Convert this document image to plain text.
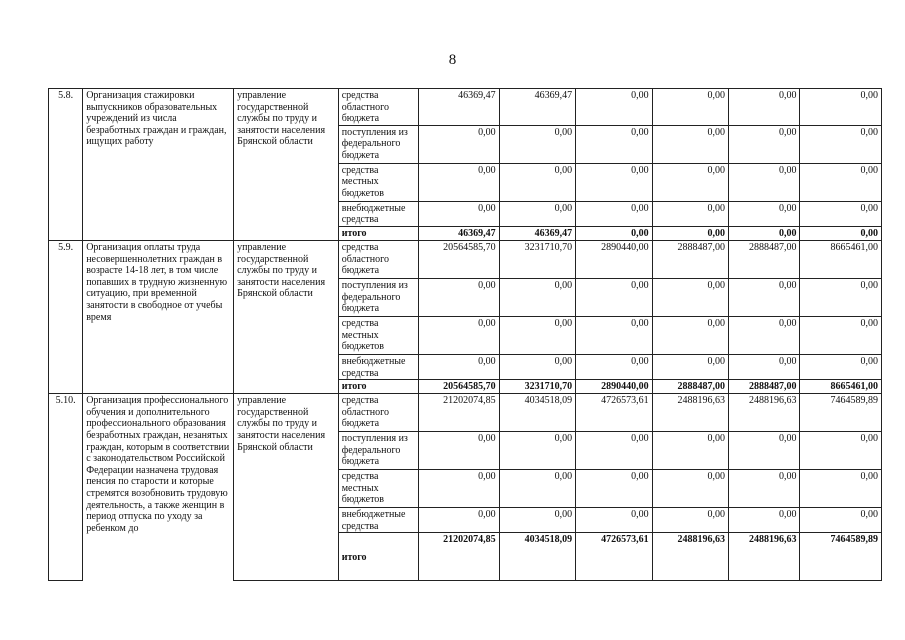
8
5.8.	Организация стажировки выпускников образовательных учреждений из числа безработных граждан и граждан, ищущих работу	управление государственной службы по труду и занятости населения Брянской области	средства областного бюджета	46369,47	46369,47	0,00	0,00	0,00	0,00
			поступления из федерального бюджета	0,00	0,00	0,00	0,00	0,00	0,00
			средства местных бюджетов	0,00	0,00	0,00	0,00	0,00	0,00
			внебюджетные средства	0,00	0,00	0,00	0,00	0,00	0,00
			итого	46369,47	46369,47	0,00	0,00	0,00	0,00
5.9.	Организация оплаты труда несовершеннолетних граждан в возрасте 14-18 лет, в том числе попавших в трудную жизненную ситуацию, при временной занятости в свободное от учебы время	управление государственной службы по труду и занятости населения Брянской области	средства областного бюджета	20564585,70	3231710,70	2890440,00	2888487,00	2888487,00	8665461,00
			поступления из федерального бюджета	0,00	0,00	0,00	0,00	0,00	0,00
			средства местных бюджетов	0,00	0,00	0,00	0,00	0,00	0,00
			внебюджетные средства	0,00	0,00	0,00	0,00	0,00	0,00
			итого	20564585,70	3231710,70	2890440,00	2888487,00	2888487,00	8665461,00
5.10.	Организация профессионального обучения и дополнительного профессионального образования безработных граждан, незанятых граждан, которым в соответствии с законодательством Российской Федерации назначена трудовая пенсия по старости и которые стремятся возобновить трудовую деятельность, а также женщин в период отпуска по уходу за ребенком до	управление государственной службы по труду и занятости населения Брянской области	средства областного бюджета	21202074,85	4034518,09	4726573,61	2488196,63	2488196,63	7464589,89
			поступления из федерального бюджета	0,00	0,00	0,00	0,00	0,00	0,00
			средства местных бюджетов	0,00	0,00	0,00	0,00	0,00	0,00
			внебюджетные средства	0,00	0,00	0,00	0,00	0,00	0,00
			итого	21202074,85	4034518,09	4726573,61	2488196,63	2488196,63	7464589,89
